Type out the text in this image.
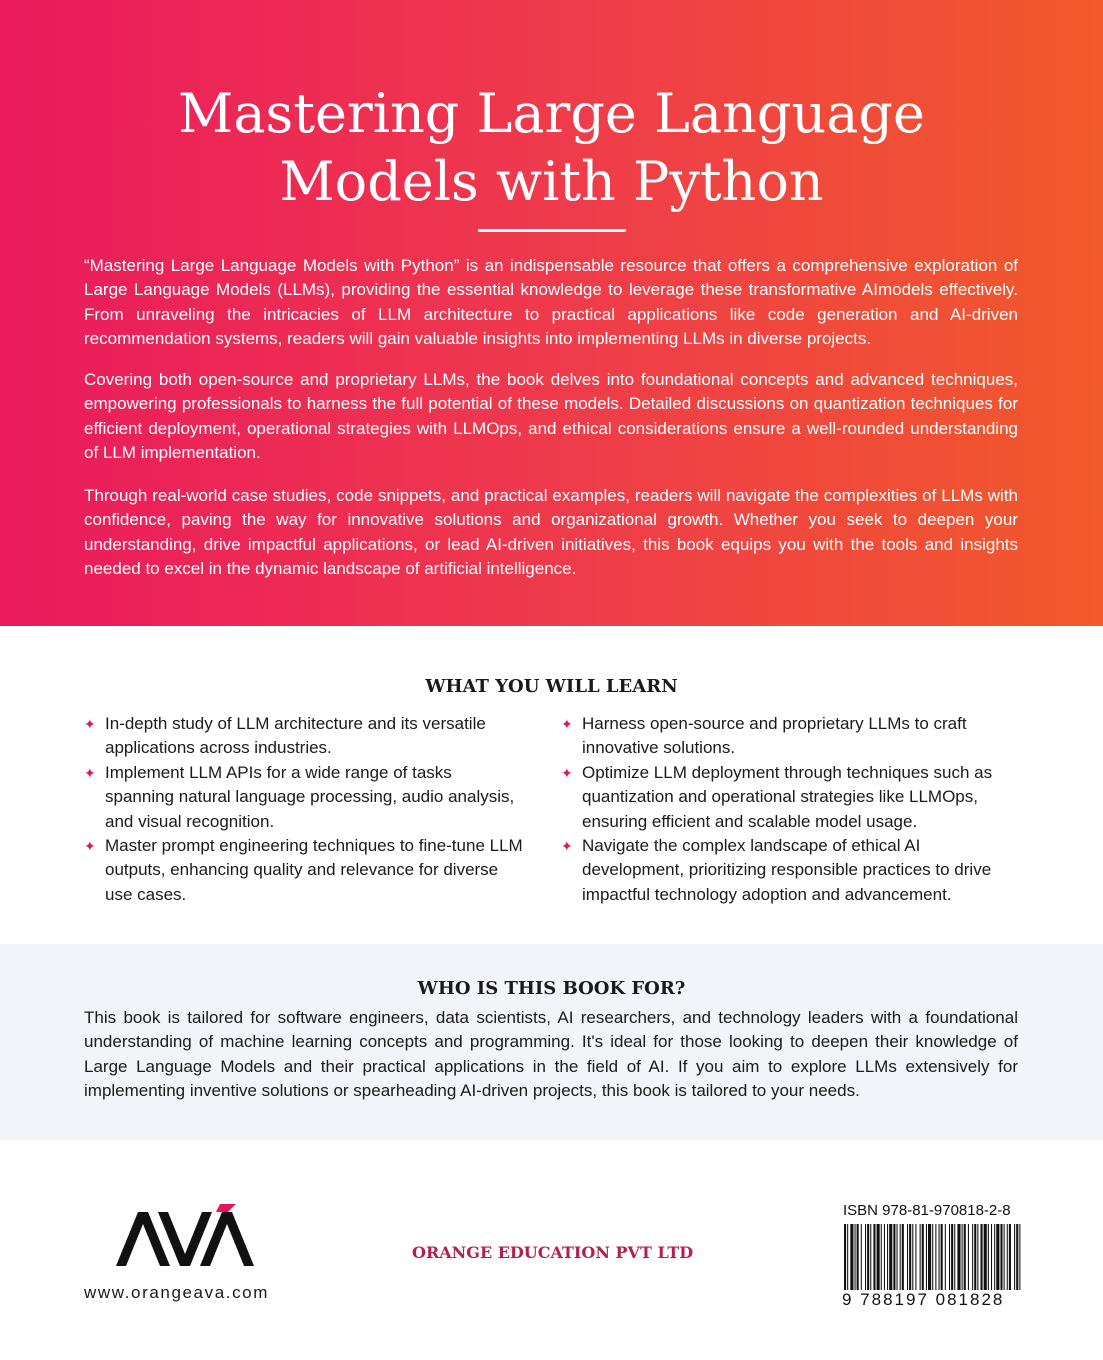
Mastering Large Language
Models with Python

“Mastering Large Language Models with Python” is an indispensable resource that offers a comprehensive exploration of Large Language Models (LLMs), providing the essential knowledge to leverage these transformative AImodels effectively. From unraveling the intricacies of LLM architecture to practical applications like code generation and AI-driven recommendation systems, readers will gain valuable insights into implementing LLMs in diverse projects.

Covering both open-source and proprietary LLMs, the book delves into foundational concepts and advanced techniques, empowering professionals to harness the full potential of these models. Detailed discussions on quantization techniques for efficient deployment, operational strategies with LLMOps, and ethical considerations ensure a well-rounded understanding of LLM implementation.

Through real-world case studies, code snippets, and practical examples, readers will navigate the complexities of LLMs with confidence, paving the way for innovative solutions and organizational growth. Whether you seek to deepen your understanding, drive impactful applications, or lead AI-driven initiatives, this book equips you with the tools and insights needed to excel in the dynamic landscape of artificial intelligence.

WHAT YOU WILL LEARN
✦ In-depth study of LLM architecture and its versatile applications across industries.
✦ Implement LLM APIs for a wide range of tasks spanning natural language processing, audio analysis, and visual recognition.
✦ Master prompt engineering techniques to fine-tune LLM outputs, enhancing quality and relevance for diverse use cases.
✦ Harness open-source and proprietary LLMs to craft innovative solutions.
✦ Optimize LLM deployment through techniques such as quantization and operational strategies like LLMOps, ensuring efficient and scalable model usage.
✦ Navigate the complex landscape of ethical AI development, prioritizing responsible practices to drive impactful technology adoption and advancement.
WHO IS THIS BOOK FOR?

This book is tailored for software engineers, data scientists, AI researchers, and technology leaders with a foundational understanding of machine learning concepts and programming. It's ideal for those looking to deepen their knowledge of Large Language Models and their practical applications in the field of AI. If you aim to explore LLMs extensively for implementing inventive solutions or spearheading AI-driven projects, this book is tailored to your needs.

www.orangeava.com
ORANGE EDUCATION PVT LTD
ISBN 978-81-970818-2-8
9 788197 081828
